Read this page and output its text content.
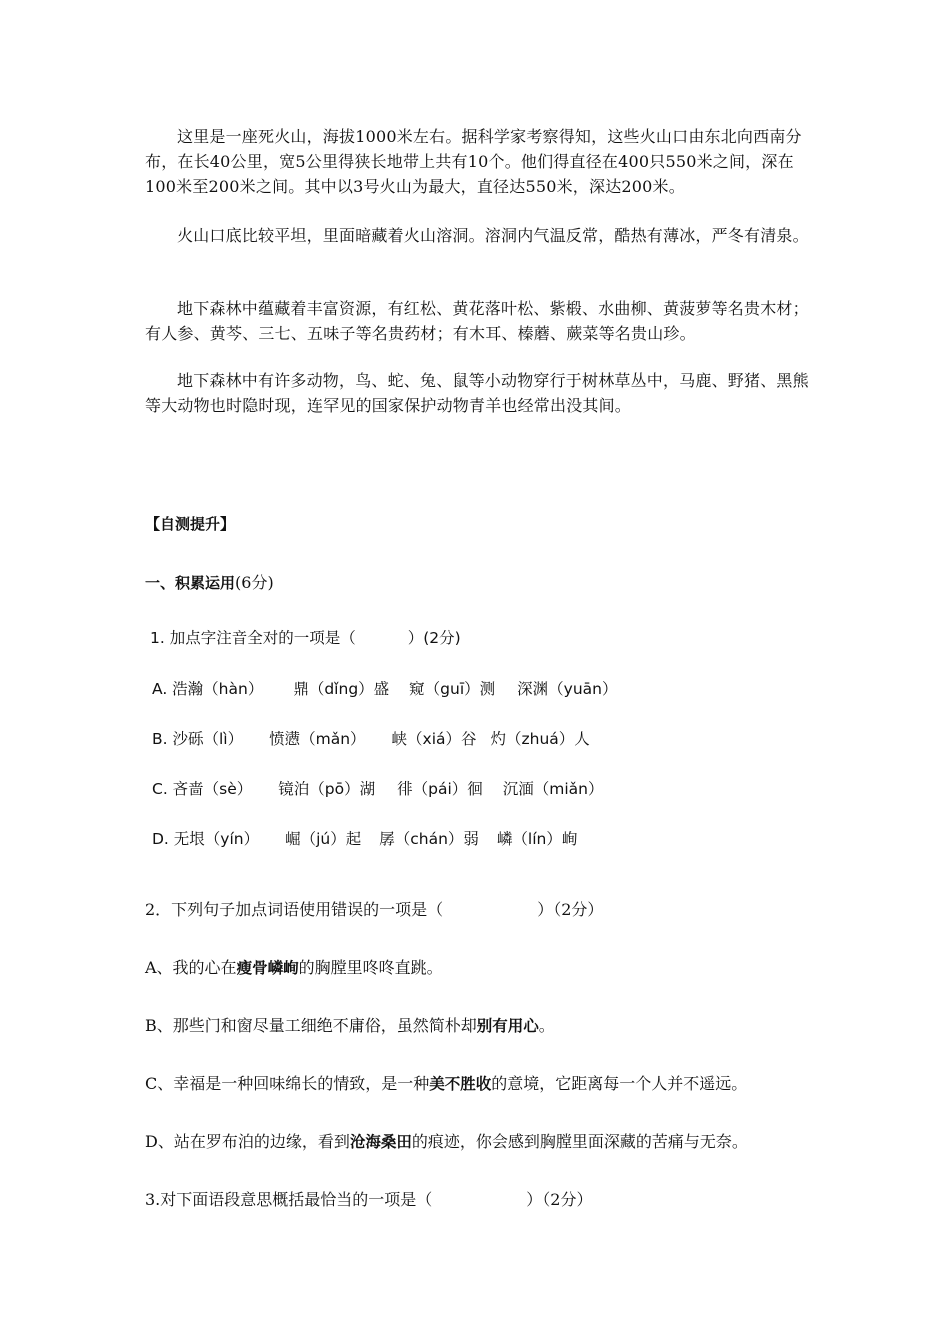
这里是一座死火山，海拔1000米左右。据科学家考察得知，这些火山口由东北向西南分布，在长40公里，宽5公里得狭长地带上共有10个。他们得直径在400只550米之间，深在100米至200米之间。其中以3号火山为最大，直径达550米，深达200米。

火山口底比较平坦，里面暗藏着火山溶洞。溶洞内气温反常，酷热有薄冰，严冬有清泉。

地下森林中蕴藏着丰富资源，有红松、黄花落叶松、紫椴、水曲柳、黄菠萝等名贵木材；有人参、黄芩、三七、五味子等名贵药材；有木耳、榛蘑、蕨菜等名贵山珍。

地下森林中有许多动物，鸟、蛇、兔、鼠等小动物穿行于树林草丛中，马鹿、野猪、黑熊等大动物也时隐时现，连罕见的国家保护动物青羊也经常出没其间。

【自测提升】

一、积累运用(6分)

1. 加点字注音全对的一项是（	）(2分)

A. 浩瀚（hàn） 鼎（dǐng）盛 窥（guī）测 深渊（yuān）

B. 沙砾（lì） 愤懑（mǎn） 峡（xiá）谷 灼（zhuá）人

C. 吝啬（sè） 镜泊（pō）湖 徘（pái）徊 沉湎（miǎn）

D. 无垠（yín） 崛（jú）起 孱（chán）弱 嶙（lín）峋

2．下列句子加点词语使用错误的一项是（	）（2分）

A、我的心在瘦骨嶙峋的胸膛里咚咚直跳。

B、那些门和窗尽量工细绝不庸俗，虽然简朴却别有用心。

C、幸福是一种回味绵长的情致，是一种美不胜收的意境，它距离每一个人并不遥远。

D、站在罗布泊的边缘，看到沧海桑田的痕迹，你会感到胸膛里面深藏的苦痛与无奈。

3.对下面语段意思概括最恰当的一项是（	）（2分）
